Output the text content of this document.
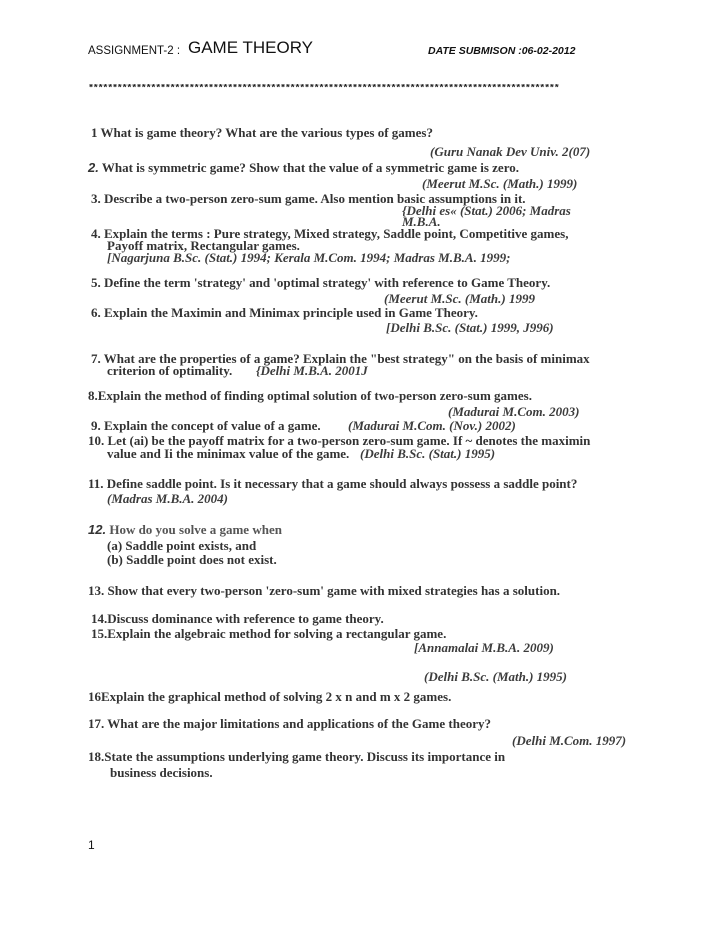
ASSIGNMENT-2 : GAME THEORY	DATE SUBMISON :06-02-2012
**************************************************************************************************
1 What is game theory? What are the various types of games?
(Guru Nanak Dev Univ. 2(07)
2. What is symmetric game? Show that the value of a symmetric game is zero.
(Meerut M.Sc. (Math.) 1999)
3. Describe a two-person zero-sum game. Also mention basic assumptions in it.
{Delhi es« (Stat.) 2006; Madras
M.B.A.
4. Explain the terms : Pure strategy, Mixed strategy, Saddle point, Competitive games,
Payoff matrix, Rectangular games.
[Nagarjuna B.Sc. (Stat.) 1994; Kerala M.Com. 1994; Madras M.B.A. 1999;
5. Define the term 'strategy' and 'optimal strategy' with reference to Game Theory.
(Meerut M.Sc. (Math.) 1999
6. Explain the Maximin and Minimax principle used in Game Theory.
[Delhi B.Sc. (Stat.) 1999, J996)
7. What are the properties of a game? Explain the "best strategy" on the basis of minimax
criterion of optimality. {Delhi M.B.A. 2001J
8.Explain the method of finding optimal solution of two-person zero-sum games.
(Madurai M.Com. 2003)
9. Explain the concept of value of a game. (Madurai M.Com. (Nov.) 2002)
10. Let (ai) be the payoff matrix for a two-person zero-sum game. If ~ denotes the maximin
value and Ii the minimax value of the game. (Delhi B.Sc. (Stat.) 1995)
11. Define saddle point. Is it necessary that a game should always possess a saddle point?
(Madras M.B.A. 2004)
12. How do you solve a game when
(a) Saddle point exists, and
(b) Saddle point does not exist.
13. Show that every two-person 'zero-sum' game with mixed strategies has a solution.
14.Discuss dominance with reference to game theory.
15.Explain the algebraic method for solving a rectangular game.
[Annamalai M.B.A. 2009)
(Delhi B.Sc. (Math.) 1995)
16Explain the graphical method of solving 2 x n and m x 2 games.
17. What are the major limitations and applications of the Game theory?
(Delhi M.Com. 1997)
18.State the assumptions underlying game theory. Discuss its importance in
business decisions.
1
